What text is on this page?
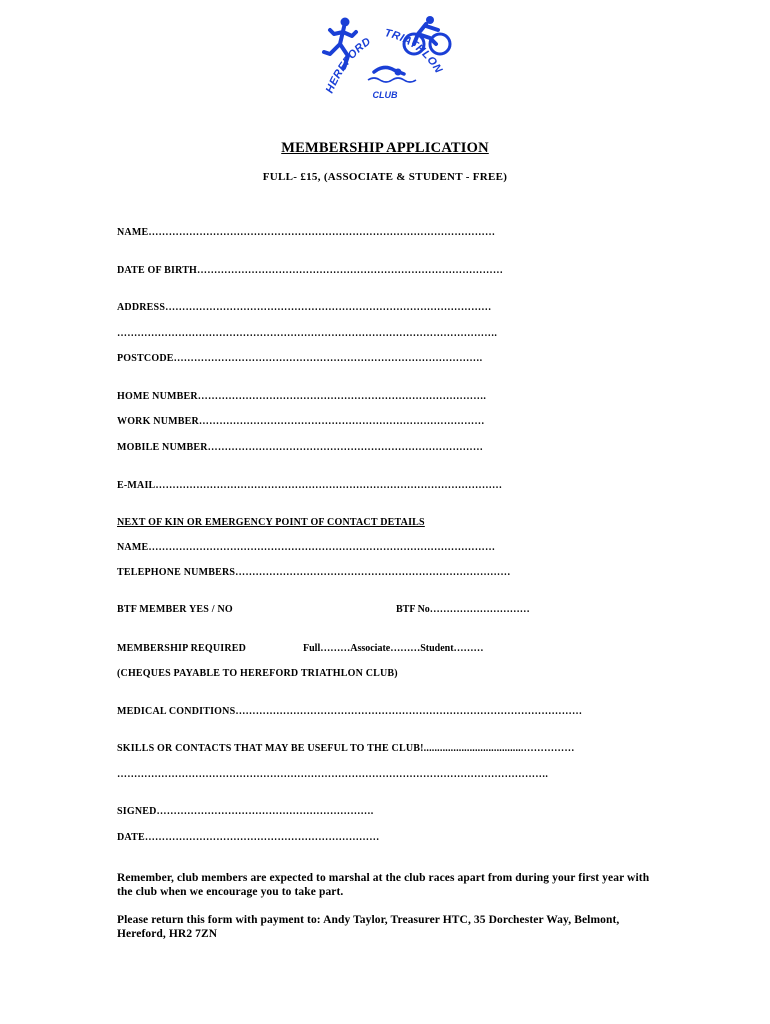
HEREFORD
TRIATHLON
CLUB
MEMBERSHIP APPLICATION
FULL- £15, (ASSOCIATE & STUDENT - FREE)
NAME…………………………………………………………………………………………
DATE OF BIRTH………………………………………………………………………………
ADDRESS……………………………………………………………………………………
………………………………………………………………………………………………….
POSTCODE……………………………………………………………………………….
HOME NUMBER………………………………………………………………………….
WORK NUMBER…………………………………………………………………………
MOBILE NUMBER………………………………………………………………………
E-MAIL…………………………………………………………………………………………
NEXT OF KIN OR EMERGENCY POINT OF CONTACT DETAILS
NAME…………………………………………………………………………………………
TELEPHONE NUMBERS………………………………………………………………………
BTF MEMBER YES / NO	BTF No…………………………
MEMBERSHIP REQUIRED	Full………Associate………Student………
(CHEQUES PAYABLE TO HEREFORD TRIATHLON CLUB)
MEDICAL CONDITIONS…………………………………………………………………………………………
SKILLS OR CONTACTS THAT MAY BE USEFUL TO THE CLUB!.....................................……………
……………………………………………………………………………………………………………….
SIGNED……………………………………………………….
DATE……………………………………………………………
Remember, club members are expected to marshal at the club races apart from during your first year with the club when we encourage you to take part.
Please return this form with payment to: Andy Taylor, Treasurer HTC, 35 Dorchester Way, Belmont, Hereford, HR2 7ZN
